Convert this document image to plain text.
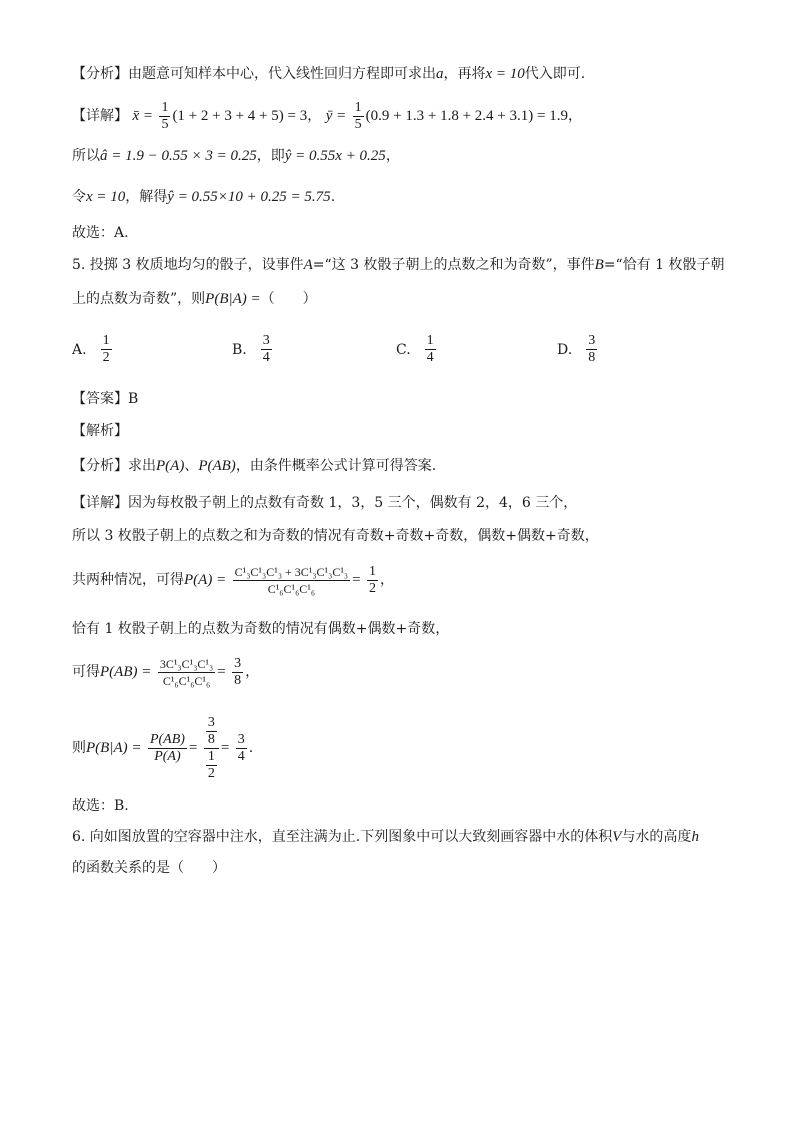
【分析】由题意可知样本中心，代入线性回归方程即可求出a，再将x = 10代入即可.
【详解】 x̄ = $\frac{1}{5} (1 + 2 + 3 + 4 + 5) = 3$， ȳ = $\frac{1}{5} (0.9 + 1.3 + 1.8 + 2.4 + 3.1) = 1.9$，
所以â = 1.9 − 0.55 × 3 = 0.25，即ŷ = 0.55x + 0.25，
令x = 10，解得ŷ = 0.55×10 + 0.25 = 5.75.
故选：A.
5. 投掷 3 枚质地均匀的骰子，设事件A=“这 3 枚骰子朝上的点数之和为奇数”，事件B=“恰有 1 枚骰子朝
上的点数为奇数”，则P(B|A) =（　　）
A. $\frac{1}{2}$	B. $\frac{3}{4}$	C. $\frac{1}{4}$	D. $\frac{3}{8}$
【答案】B
【解析】
【分析】求出P(A)、P(AB)，由条件概率公式计算可得答案.
【详解】因为每枚骰子朝上的点数有奇数 1，3，5 三个，偶数有 2，4，6 三个，
所以 3 枚骰子朝上的点数之和为奇数的情况有奇数+奇数+奇数，偶数+偶数+奇数，
共两种情况，可得$P(A) = \frac{\text{C¹₃C¹₃C¹₃ + 3C¹₃C¹₃C¹₃}}{\text{C¹₆C¹₆C¹₆}} = \frac{1}{2}$ ，
恰有 1 枚骰子朝上的点数为奇数的情况有偶数+偶数+奇数，
可得$P(AB) = \frac{\text{3C¹₃C¹₃C¹₃}}{\text{C¹₆C¹₆C¹₆}} = \frac{3}{8}$ ，
则$P(B|A) = \frac{P(AB)}{P(A)} = \frac{\frac{3}{8}}{\frac{1}{2}} = \frac{3}{4}$ .
故选：B.
6. 向如图放置的空容器中注水，直至注满为止.下列图象中可以大致刻画容器中水的体积V与水的高度h
的函数关系的是（　　）
